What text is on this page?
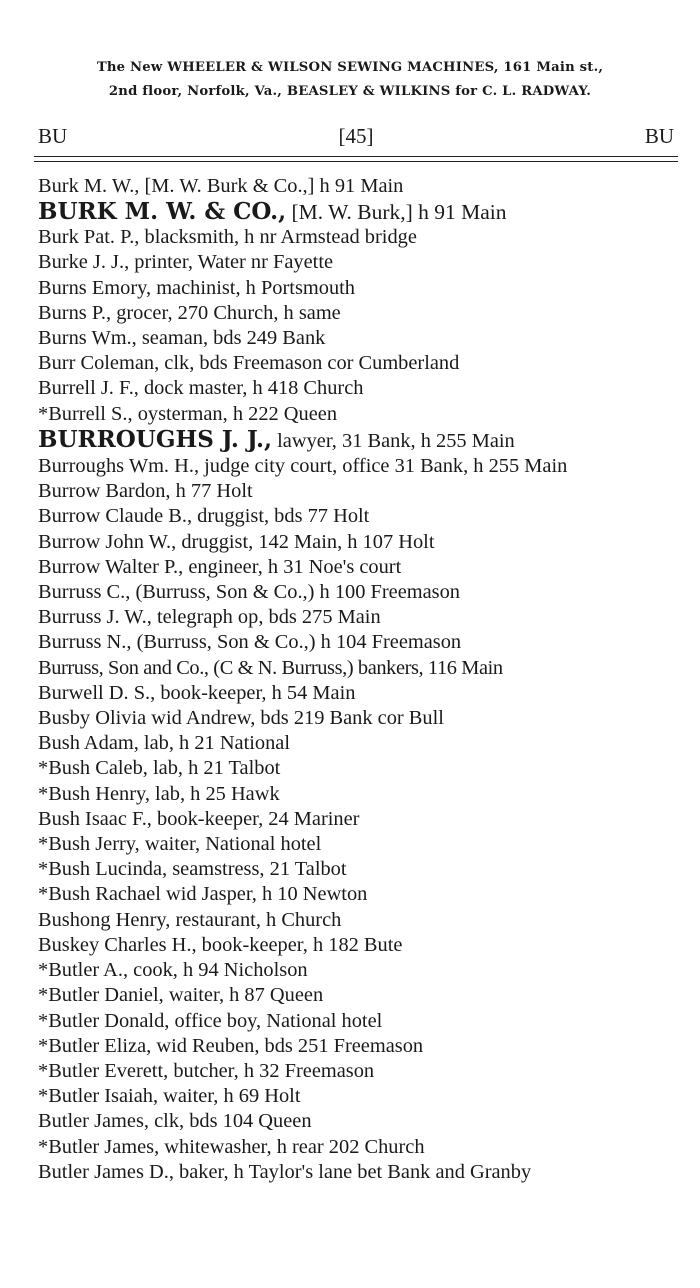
The New WHEELER & WILSON SEWING MACHINES, 161 Main st.,
2nd floor, Norfolk, Va., BEASLEY & WILKINS for C. L. RADWAY.
BU	[45]	BU

Burk M. W., [M. W. Burk & Co.,] h 91 Main

BURK M. W. & CO., [M. W. Burk,] h 91 Main

Burk Pat. P., blacksmith, h nr Armstead bridge

Burke J. J., printer, Water nr Fayette

Burns Emory, machinist, h Portsmouth

Burns P., grocer, 270 Church, h same

Burns Wm., seaman, bds 249 Bank

Burr Coleman, clk, bds Freemason cor Cumberland

Burrell J. F., dock master, h 418 Church

*Burrell S., oysterman, h 222 Queen

BURROUGHS J. J., lawyer, 31 Bank, h 255 Main

Burroughs Wm. H., judge city court, office 31 Bank, h 255 Main

Burrow Bardon, h 77 Holt

Burrow Claude B., druggist, bds 77 Holt

Burrow John W., druggist, 142 Main, h 107 Holt

Burrow Walter P., engineer, h 31 Noe's court

Burruss C., (Burruss, Son & Co.,) h 100 Freemason

Burruss J. W., telegraph op, bds 275 Main

Burruss N., (Burruss, Son & Co.,) h 104 Freemason

Burruss, Son and Co., (C & N. Burruss,) bankers, 116 Main

Burwell D. S., book-keeper, h 54 Main

Busby Olivia wid Andrew, bds 219 Bank cor Bull

Bush Adam, lab, h 21 National

*Bush Caleb, lab, h 21 Talbot

*Bush Henry, lab, h 25 Hawk

Bush Isaac F., book-keeper, 24 Mariner

*Bush Jerry, waiter, National hotel

*Bush Lucinda, seamstress, 21 Talbot

*Bush Rachael wid Jasper, h 10 Newton

Bushong Henry, restaurant, h Church

Buskey Charles H., book-keeper, h 182 Bute

*Butler A., cook, h 94 Nicholson

*Butler Daniel, waiter, h 87 Queen

*Butler Donald, office boy, National hotel

*Butler Eliza, wid Reuben, bds 251 Freemason

*Butler Everett, butcher, h 32 Freemason

*Butler Isaiah, waiter, h 69 Holt

Butler James, clk, bds 104 Queen

*Butler James, whitewasher, h rear 202 Church

Butler James D., baker, h Taylor's lane bet Bank and Granby
